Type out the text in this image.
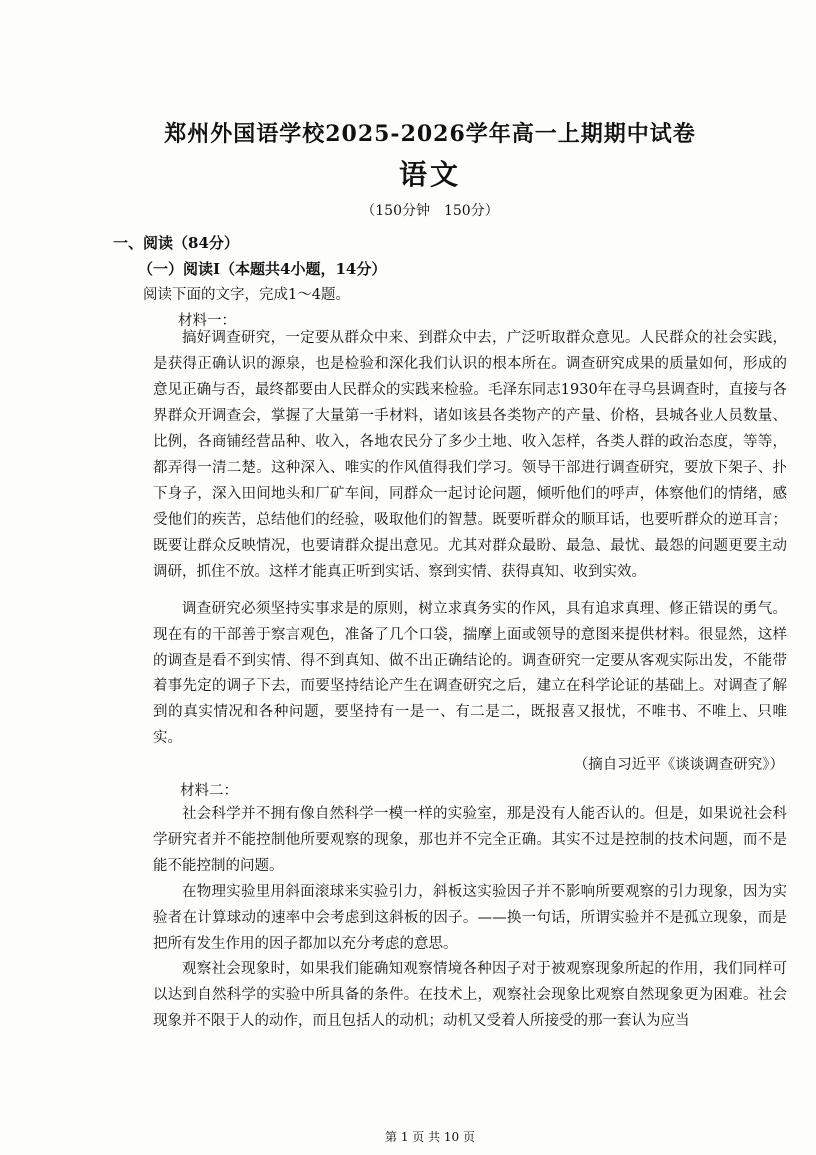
郑州外国语学校2025-2026学年高一上期期中试卷
语文
（150分钟　150分）
一、阅读（84分）
（一）阅读Ⅰ（本题共4小题，14分）
阅读下面的文字，完成1～4题。
材料一：

搞好调查研究，一定要从群众中来、到群众中去，广泛听取群众意见。人民群众的社会实践，是获得正确认识的源泉，也是检验和深化我们认识的根本所在。调查研究成果的质量如何，形成的意见正确与否，最终都要由人民群众的实践来检验。毛泽东同志1930年在寻乌县调查时，直接与各界群众开调查会，掌握了大量第一手材料，诸如该县各类物产的产量、价格，县城各业人员数量、比例，各商铺经营品种、收入，各地农民分了多少土地、收入怎样，各类人群的政治态度，等等，都弄得一清二楚。这种深入、唯实的作风值得我们学习。领导干部进行调查研究，要放下架子、扑下身子，深入田间地头和厂矿车间，同群众一起讨论问题，倾听他们的呼声，体察他们的情绪，感受他们的疾苦，总结他们的经验，吸取他们的智慧。既要听群众的顺耳话，也要听群众的逆耳言；既要让群众反映情况，也要请群众提出意见。尤其对群众最盼、最急、最忧、最怨的问题更要主动调研，抓住不放。这样才能真正听到实话、察到实情、获得真知、收到实效。

调查研究必须坚持实事求是的原则，树立求真务实的作风，具有追求真理、修正错误的勇气。现在有的干部善于察言观色，准备了几个口袋，揣摩上面或领导的意图来提供材料。很显然，这样的调查是看不到实情、得不到真知、做不出正确结论的。调查研究一定要从客观实际出发，不能带着事先定的调子下去，而要坚持结论产生在调查研究之后，建立在科学论证的基础上。对调查了解到的真实情况和各种问题，要坚持有一是一、有二是二，既报喜又报忧，不唯书、不唯上、只唯实。

（摘自习近平《谈谈调查研究》）
材料二：

社会科学并不拥有像自然科学一模一样的实验室，那是没有人能否认的。但是，如果说社会科学研究者并不能控制他所要观察的现象，那也并不完全正确。其实不过是控制的技术问题，而不是能不能控制的问题。

在物理实验里用斜面滚球来实验引力，斜板这实验因子并不影响所要观察的引力现象，因为实验者在计算球动的速率中会考虑到这斜板的因子。——换一句话，所谓实验并不是孤立现象，而是把所有发生作用的因子都加以充分考虑的意思。

观察社会现象时，如果我们能确知观察情境各种因子对于被观察现象所起的作用，我们同样可以达到自然科学的实验中所具备的条件。在技术上，观察社会现象比观察自然现象更为困难。社会现象并不限于人的动作，而且包括人的动机；动机又受着人所接受的那一套认为应当

第 1 页 共 10 页
